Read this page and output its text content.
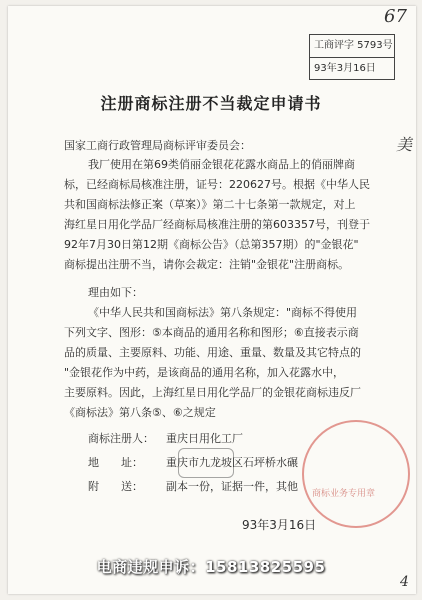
67
美
工商评字 5793号
93年3月16日
注册商标注册不当裁定申请书
国家工商行政管理局商标评审委员会：
我厂使用在第69类俏丽金银花花露水商品上的俏丽牌商
标，已经商标局核准注册，证号：220627号。根据《中华人民
共和国商标法修正案（草案）》第二十七条第一款规定，对上
海红星日用化学品厂经商标局核准注册的第603357号，刊登于
92年7月30日第12期《商标公告》（总第357期）的"金银花"
商标提出注册不当，请你会裁定：注销"金银花"注册商标。
理由如下：
《中华人民共和国商标法》第八条规定："商标不得使用
下列文字、图形：⑤本商品的通用名称和图形；⑥直接表示商
品的质量、主要原料、功能、用途、重量、数量及其它特点的
"金银花作为中药，是该商品的通用名称，加入花露水中，
主要原料。因此，上海红星日用化学品厂的金银花商标违反厂
《商标法》第八条⑤、⑥之规定
商标注册人： 重庆日用化工厂
地　　址： 重庆市九龙坡区石坪桥水碾
附　　送： 副本一份，证据一件，其他
商标业务专用章
93年3月16日
电商违规申诉：15813825595
4
